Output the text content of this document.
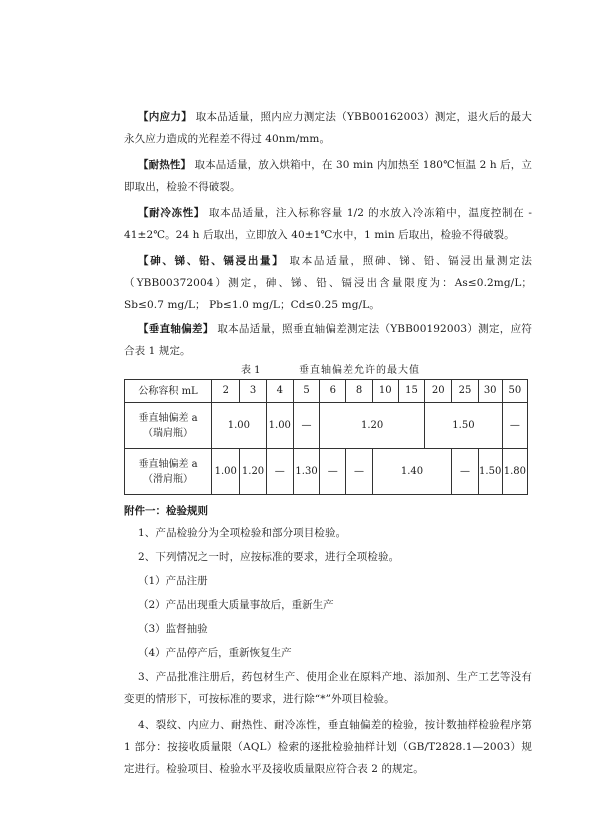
【内应力】 取本品适量，照内应力测定法（YBB00162003）测定，退火后的最大永久应力造成的光程差不得过 40nm/mm。

【耐热性】 取本品适量，放入烘箱中，在 30 min 内加热至 180℃恒温 2 h 后，立即取出，检验不得破裂。

【耐冷冻性】 取本品适量，注入标称容量 1/2 的水放入冷冻箱中，温度控制在 - 41±2℃。24 h 后取出，立即放入 40±1℃水中，1 min 后取出，检验不得破裂。

【砷、锑、铅、镉浸出量】 取本品适量，照砷、锑、铅、镉浸出量测定法（YBB00372004）测定，砷、锑、铅、镉浸出含量限度为：As≤0.2mg/L； Sb≤0.7 mg/L； Pb≤1.0 mg/L；Cd≤0.25 mg/L。

【垂直轴偏差】 取本品适量，照垂直轴偏差测定法（YBB00192003）测定，应符合表 1 规定。

表 1	垂直轴偏差允许的最大值
公称容积 mL	2	3	4	5	6	8	10	15	20	25	30	50

垂直轴偏差 a
（瑞肩瓶）	1.00		1.00	—	1.20				1.50			—

垂直轴偏差 a
（滑肩瓶）	1.00	1.20	—	1.30	—	—	1.40			—	1.50	1.80

附件一：检验规则

1、产品检验分为全项检验和部分项目检验。

2、下列情况之一时，应按标准的要求，进行全项检验。

（1）产品注册

（2）产品出现重大质量事故后，重新生产

（3）监督抽验

（4）产品停产后，重新恢复生产

3、产品批准注册后，药包材生产、使用企业在原料产地、添加剂、生产工艺等没有变更的情形下，可按标准的要求，进行除“*”外项目检验。

4、裂纹、内应力、耐热性、耐冷冻性，垂直轴偏差的检验，按计数抽样检验程序第 1 部分：按接收质量限（AQL）检索的逐批检验抽样计划（GB/T2828.1—2003）规定进行。检验项目、检验水平及接收质量限应符合表 2 的规定。
